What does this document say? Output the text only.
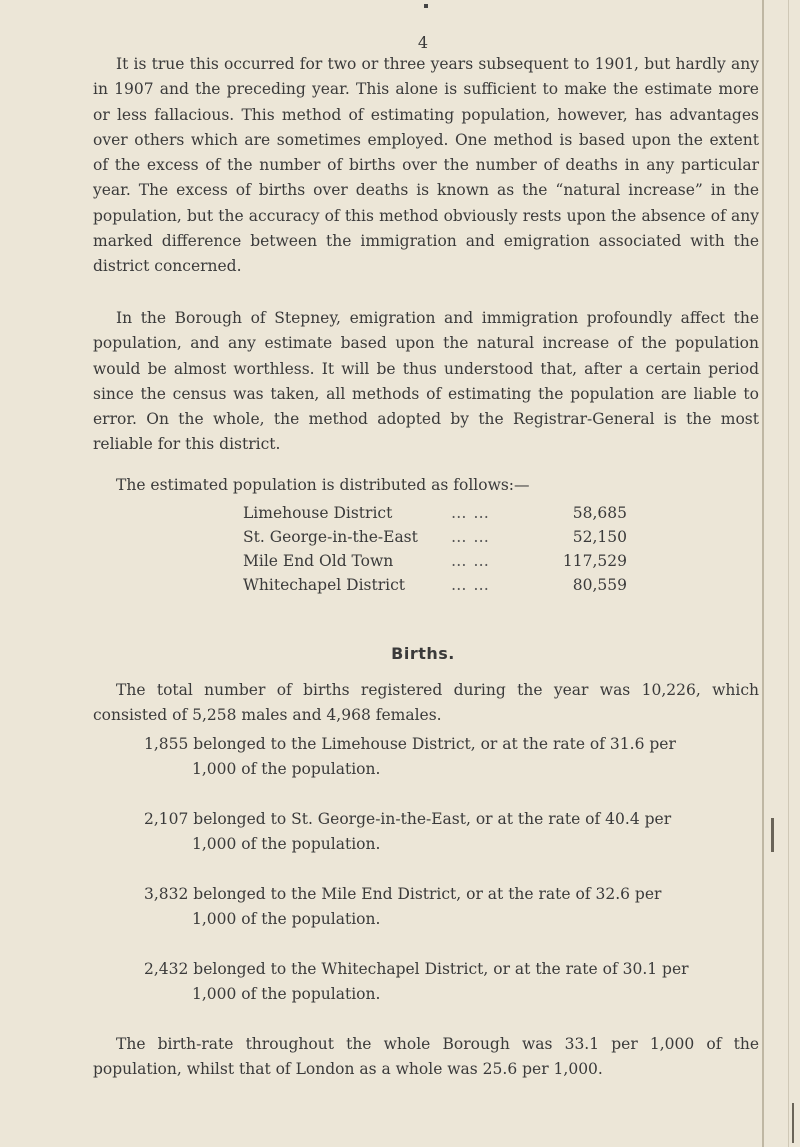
4

It is true this occurred for two or three years subsequent to 1901, but hardly any in 1907 and the preceding year. This alone is sufficient to make the estimate more or less fallacious. This method of estimating population, however, has advantages over others which are sometimes employed. One method is based upon the extent of the excess of the number of births over the number of deaths in any particular year. The excess of births over deaths is known as the “natural increase” in the population, but the accuracy of this method obviously rests upon the absence of any marked difference between the immigration and emigration associated with the district concerned.

In the Borough of Stepney, emigration and immigration profoundly affect the population, and any estimate based upon the natural increase of the population would be almost worthless. It will be thus understood that, after a certain period since the census was taken, all methods of estimating the population are liable to error. On the whole, the method adopted by the Registrar-General is the most reliable for this district.

The estimated population is distributed as follows:—

Limehouse District	… …	58,685
St. George-in-the-East	… …	52,150
Mile End Old Town	… …	117,529
Whitechapel District	… …	80,559
Births.

The total number of births registered during the year was 10,226, which consisted of 5,258 males and 4,968 females.

1,855 belonged to the Limehouse District, or at the rate of 31.6 per
1,000 of the population.

2,107 belonged to St. George-in-the-East, or at the rate of 40.4 per
1,000 of the population.

3,832 belonged to the Mile End District, or at the rate of 32.6 per
1,000 of the population.

2,432 belonged to the Whitechapel District, or at the rate of 30.1 per
1,000 of the population.

The birth-rate throughout the whole Borough was 33.1 per 1,000 of the population, whilst that of London as a whole was 25.6 per 1,000.
